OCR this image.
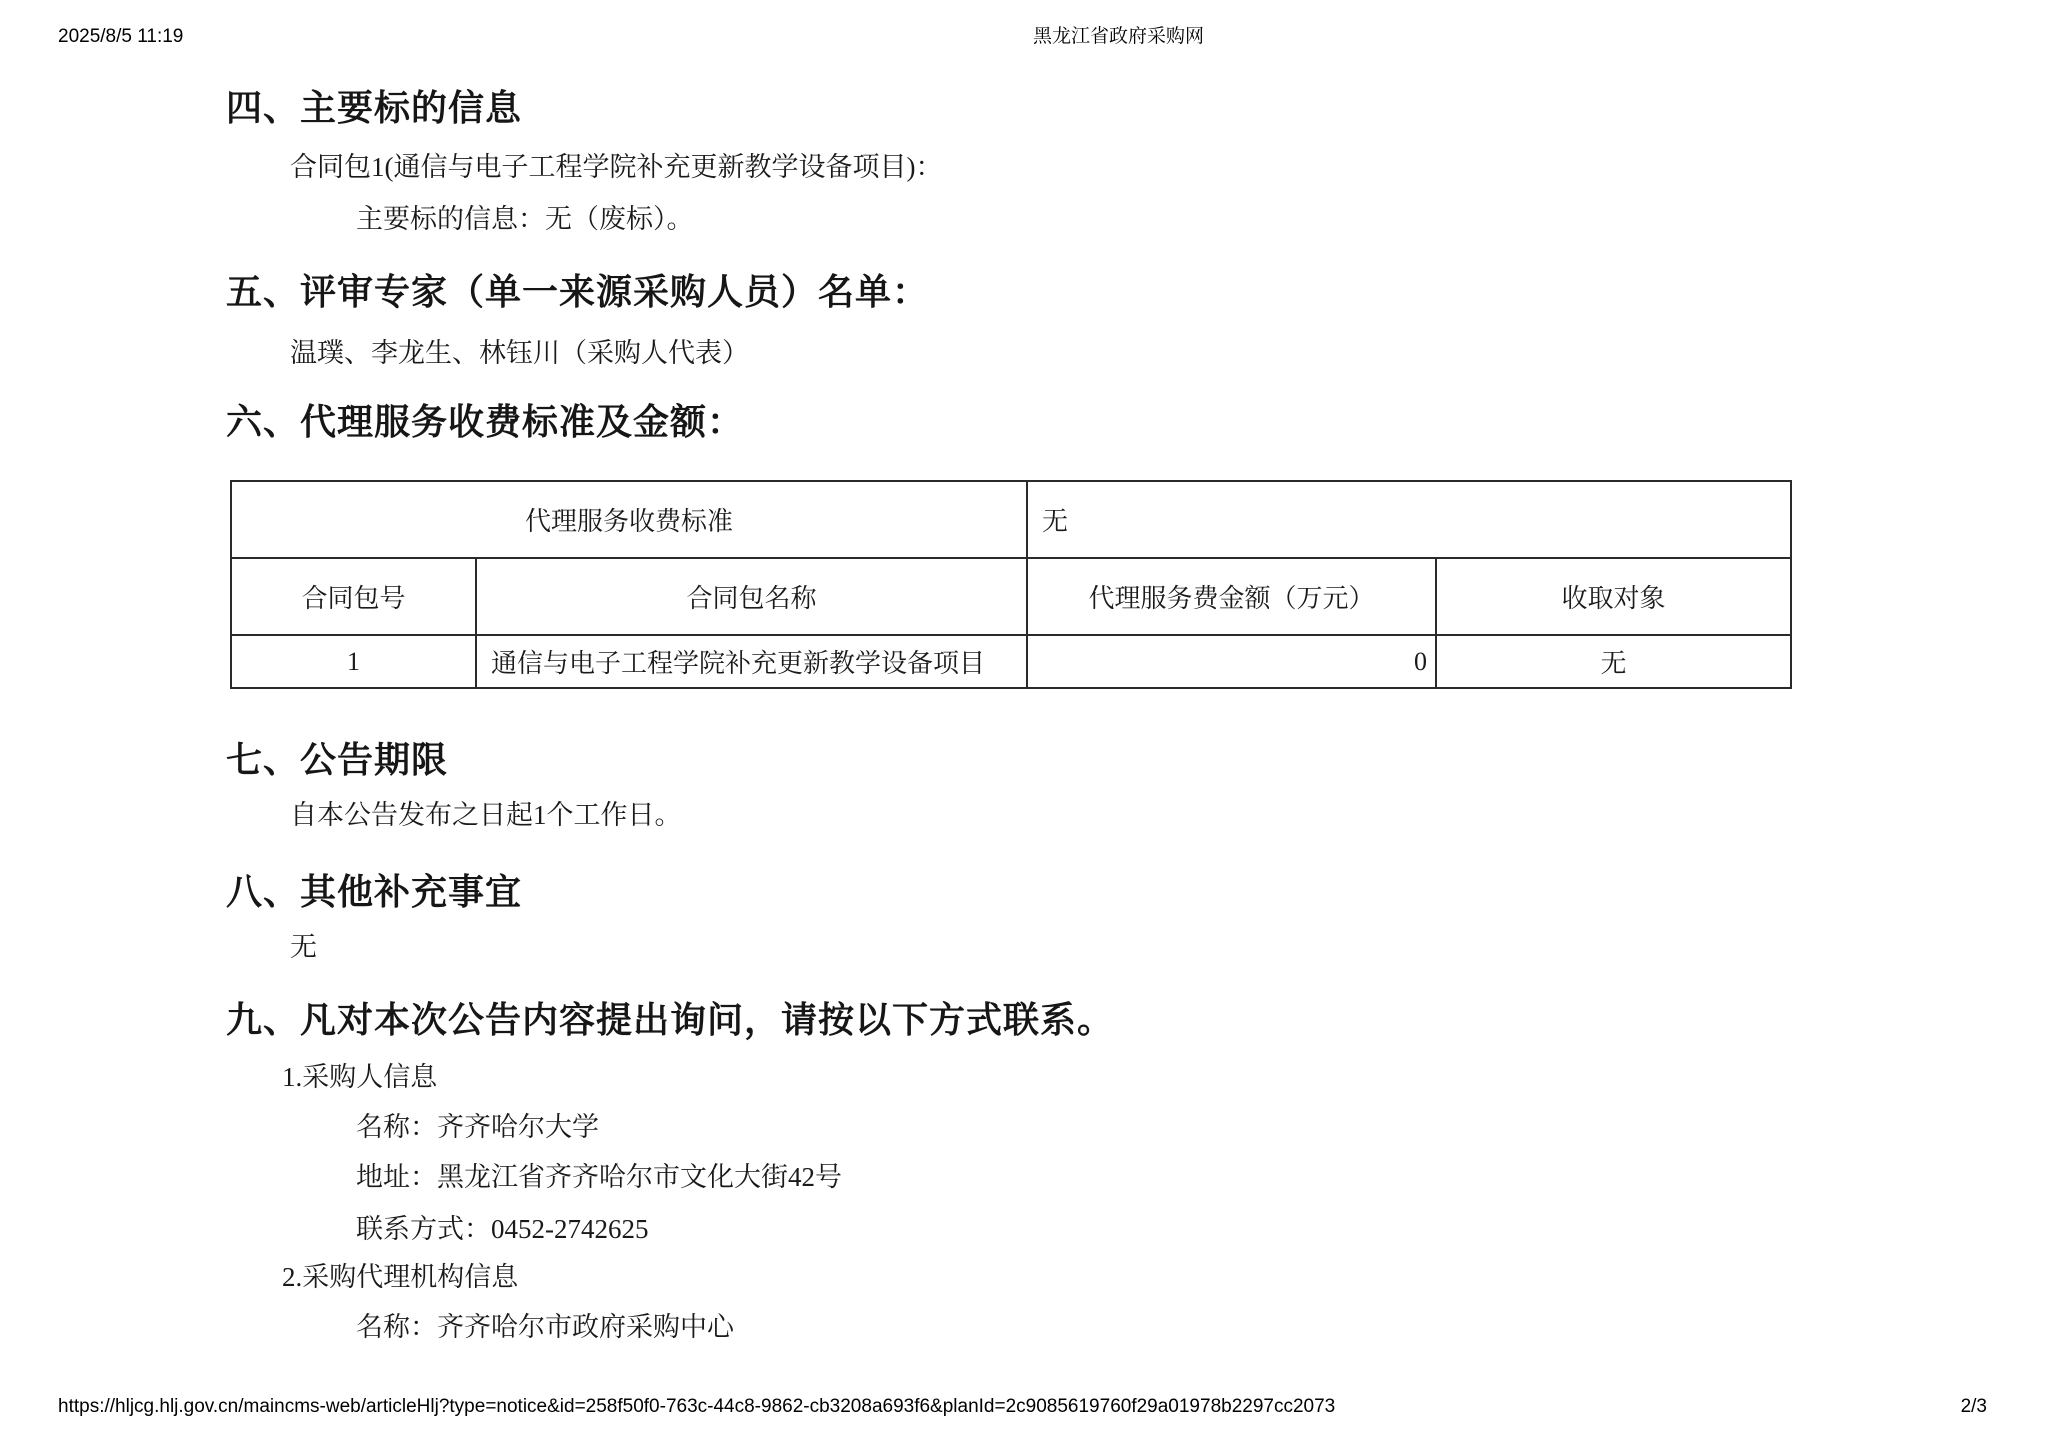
2025/8/5 11:19	黑龙江省政府采购网
四、主要标的信息
合同包1(通信与电子工程学院补充更新教学设备项目)：
主要标的信息：无（废标）。
五、评审专家（单一来源采购人员）名单：
温璞、李龙生、林钰川（采购人代表）
六、代理服务收费标准及金额：
代理服务收费标准		无	
合同包号	合同包名称	代理服务费金额（万元）	收取对象
1	通信与电子工程学院补充更新教学设备项目	0	无
七、公告期限
自本公告发布之日起1个工作日。
八、其他补充事宜
无
九、凡对本次公告内容提出询问，请按以下方式联系。
1.采购人信息
名称：齐齐哈尔大学
地址：黑龙江省齐齐哈尔市文化大街42号
联系方式：0452-2742625
2.采购代理机构信息
名称：齐齐哈尔市政府采购中心
https://hljcg.hlj.gov.cn/maincms-web/articleHlj?type=notice&id=258f50f0-763c-44c8-9862-cb3208a693f6&planId=2c9085619760f29a01978b2297cc2073	2/3
